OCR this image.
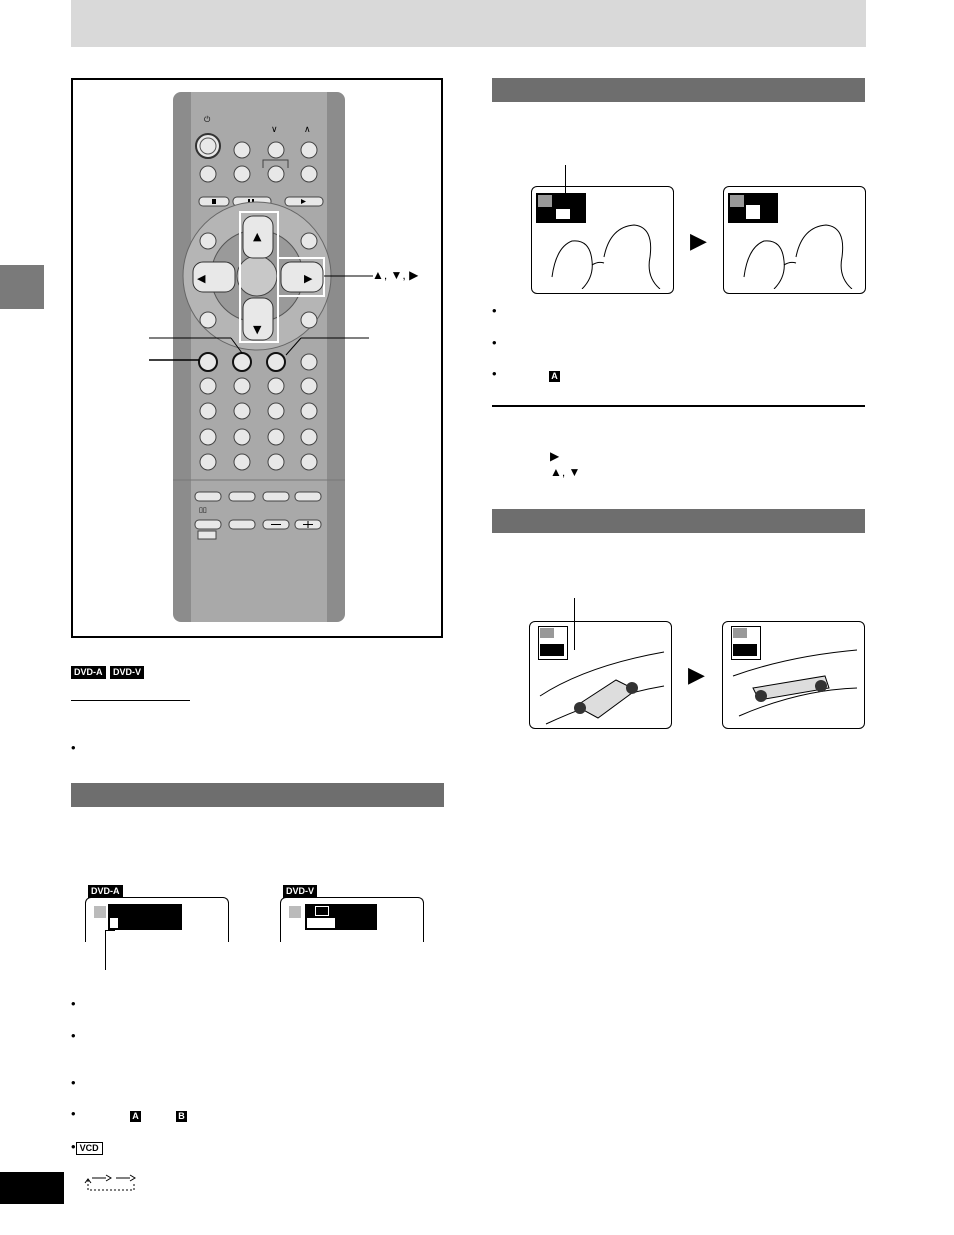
⏻
∨	∧
▲
▼
▶
◀
▯▯
▲, ▼, ▶
DVD-A DVD-V
•
DVD-A	DVD-V
•
•
•
•	A	B
• VCD
▶
•
•
•	A
▶
▲, ▼
▶
